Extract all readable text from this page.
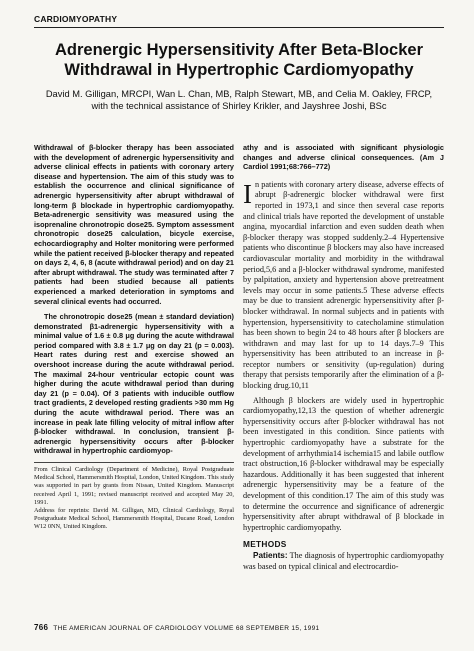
CARDIOMYOPATHY
Adrenergic Hypersensitivity After Beta-Blocker
Withdrawal in Hypertrophic Cardiomyopathy
David M. Gilligan, MRCPI, Wan L. Chan, MB, Ralph Stewart, MB, and Celia M. Oakley, FRCP,
with the technical assistance of Shirley Krikler, and Jayshree Joshi, BSc

Withdrawal of β-blocker therapy has been associated with the development of adrenergic hypersensitivity and adverse clinical effects in patients with coronary artery disease and hypertension. The aim of this study was to establish the occurrence and clinical significance of adrenergic hypersensitivity after abrupt withdrawal of long-term β blockade in hypertrophic cardiomyopathy. Beta-adrenergic sensitivity was measured using the isoprenaline chronotropic dose25. Symptom assessment chronotropic dose25 calculation, bicycle exercise, echocardiography and Holter monitoring were performed while the patient received β-blocker therapy and repeated on days 2, 4, 6, 8 (acute withdrawal period) and on day 21 after abrupt withdrawal. The study was terminated after 7 patients had been studied because all patients experienced a marked deterioration in symptoms and several clinical events had occurred.

The chronotropic dose25 (mean ± standard deviation) demonstrated β1-adrenergic hypersensitivity with a minimal value of 1.6 ± 0.8 μg during the acute withdrawal period compared with 3.8 ± 1.7 μg on day 21 (p = 0.003). Heart rates during rest and exercise showed an overshoot increase during the acute withdrawal period. The maximal 24-hour ventricular ectopic count was higher during the acute withdrawal period than during day 21 (p = 0.04). Of 3 patients with inducible outflow tract gradients, 2 developed resting gradients >30 mm Hg during the acute withdrawal period. There was an increase in peak late filling velocity of mitral inflow after β-blocker withdrawal. In conclusion, transient β-adrenergic hypersensitivity occurs after β-blocker withdrawal in hypertrophic cardiomyop-

From Clinical Cardiology (Department of Medicine), Royal Postgraduate Medical School, Hammersmith Hospital, London, United Kingdom. This study was supported in part by grants from Nissan, United Kingdom. Manuscript received April 1, 1991; revised manuscript received and accepted May 20, 1991.

Address for reprints: David M. Gilligan, MD, Clinical Cardiology, Royal Postgraduate Medical School, Hammersmith Hospital, Ducane Road, London W12 0NN, United Kingdom.

athy and is associated with significant physiologic changes and adverse clinical consequences. (Am J Cardiol 1991;68:766–772)

In patients with coronary artery disease, adverse effects of abrupt β-adrenergic blocker withdrawal were first reported in 1973,1 and since then several case reports and clinical trials have reported the development of unstable angina, myocardial infarction and even sudden death when β-blocker therapy was stopped suddenly.2–4 Hypertensive patients who discontinue β blockers may also have increased cardiovascular mortality and morbidity in the withdrawal period,5,6 and a β-blocker withdrawal syndrome, manifested by palpitation, anxiety and hypertension above pretreatment levels may occur in some patients.5 These adverse effects may be due to transient adrenergic hypersensitivity after β-blocker withdrawal. In normal subjects and in patients with hypertension, hypersensitivity to catecholamine stimulation has been shown to begin 24 to 48 hours after β blockers are withdrawn and may last for up to 14 days.7–9 This hypersensitivity has been attributed to an increase in β-receptor numbers or sensitivity (up-regulation) during therapy that persists temporarily after the elimination of a β-blocking drug.10,11

Although β blockers are widely used in hypertrophic cardiomyopathy,12,13 the question of whether adrenergic hypersensitivity occurs after β-blocker withdrawal has not been investigated in this condition. Since patients with hypertrophic cardiomyopathy have a substrate for the development of arrhythmia14 ischemia15 and labile outflow tract obstruction,16 β-blocker withdrawal may be especially hazardous. Additionally it has been suggested that inherent adrenergic hypersensitivity may be a feature of the development of this condition.17 The aim of this study was to determine the occurrence and significance of adrenergic hypersensitivity after abrupt withdrawal of β blockade in hypertrophic cardiomyopathy.

METHODS

Patients: The diagnosis of hypertrophic cardiomyopathy was based on typical clinical and electrocardio-

766 THE AMERICAN JOURNAL OF CARDIOLOGY VOLUME 68 SEPTEMBER 15, 1991
